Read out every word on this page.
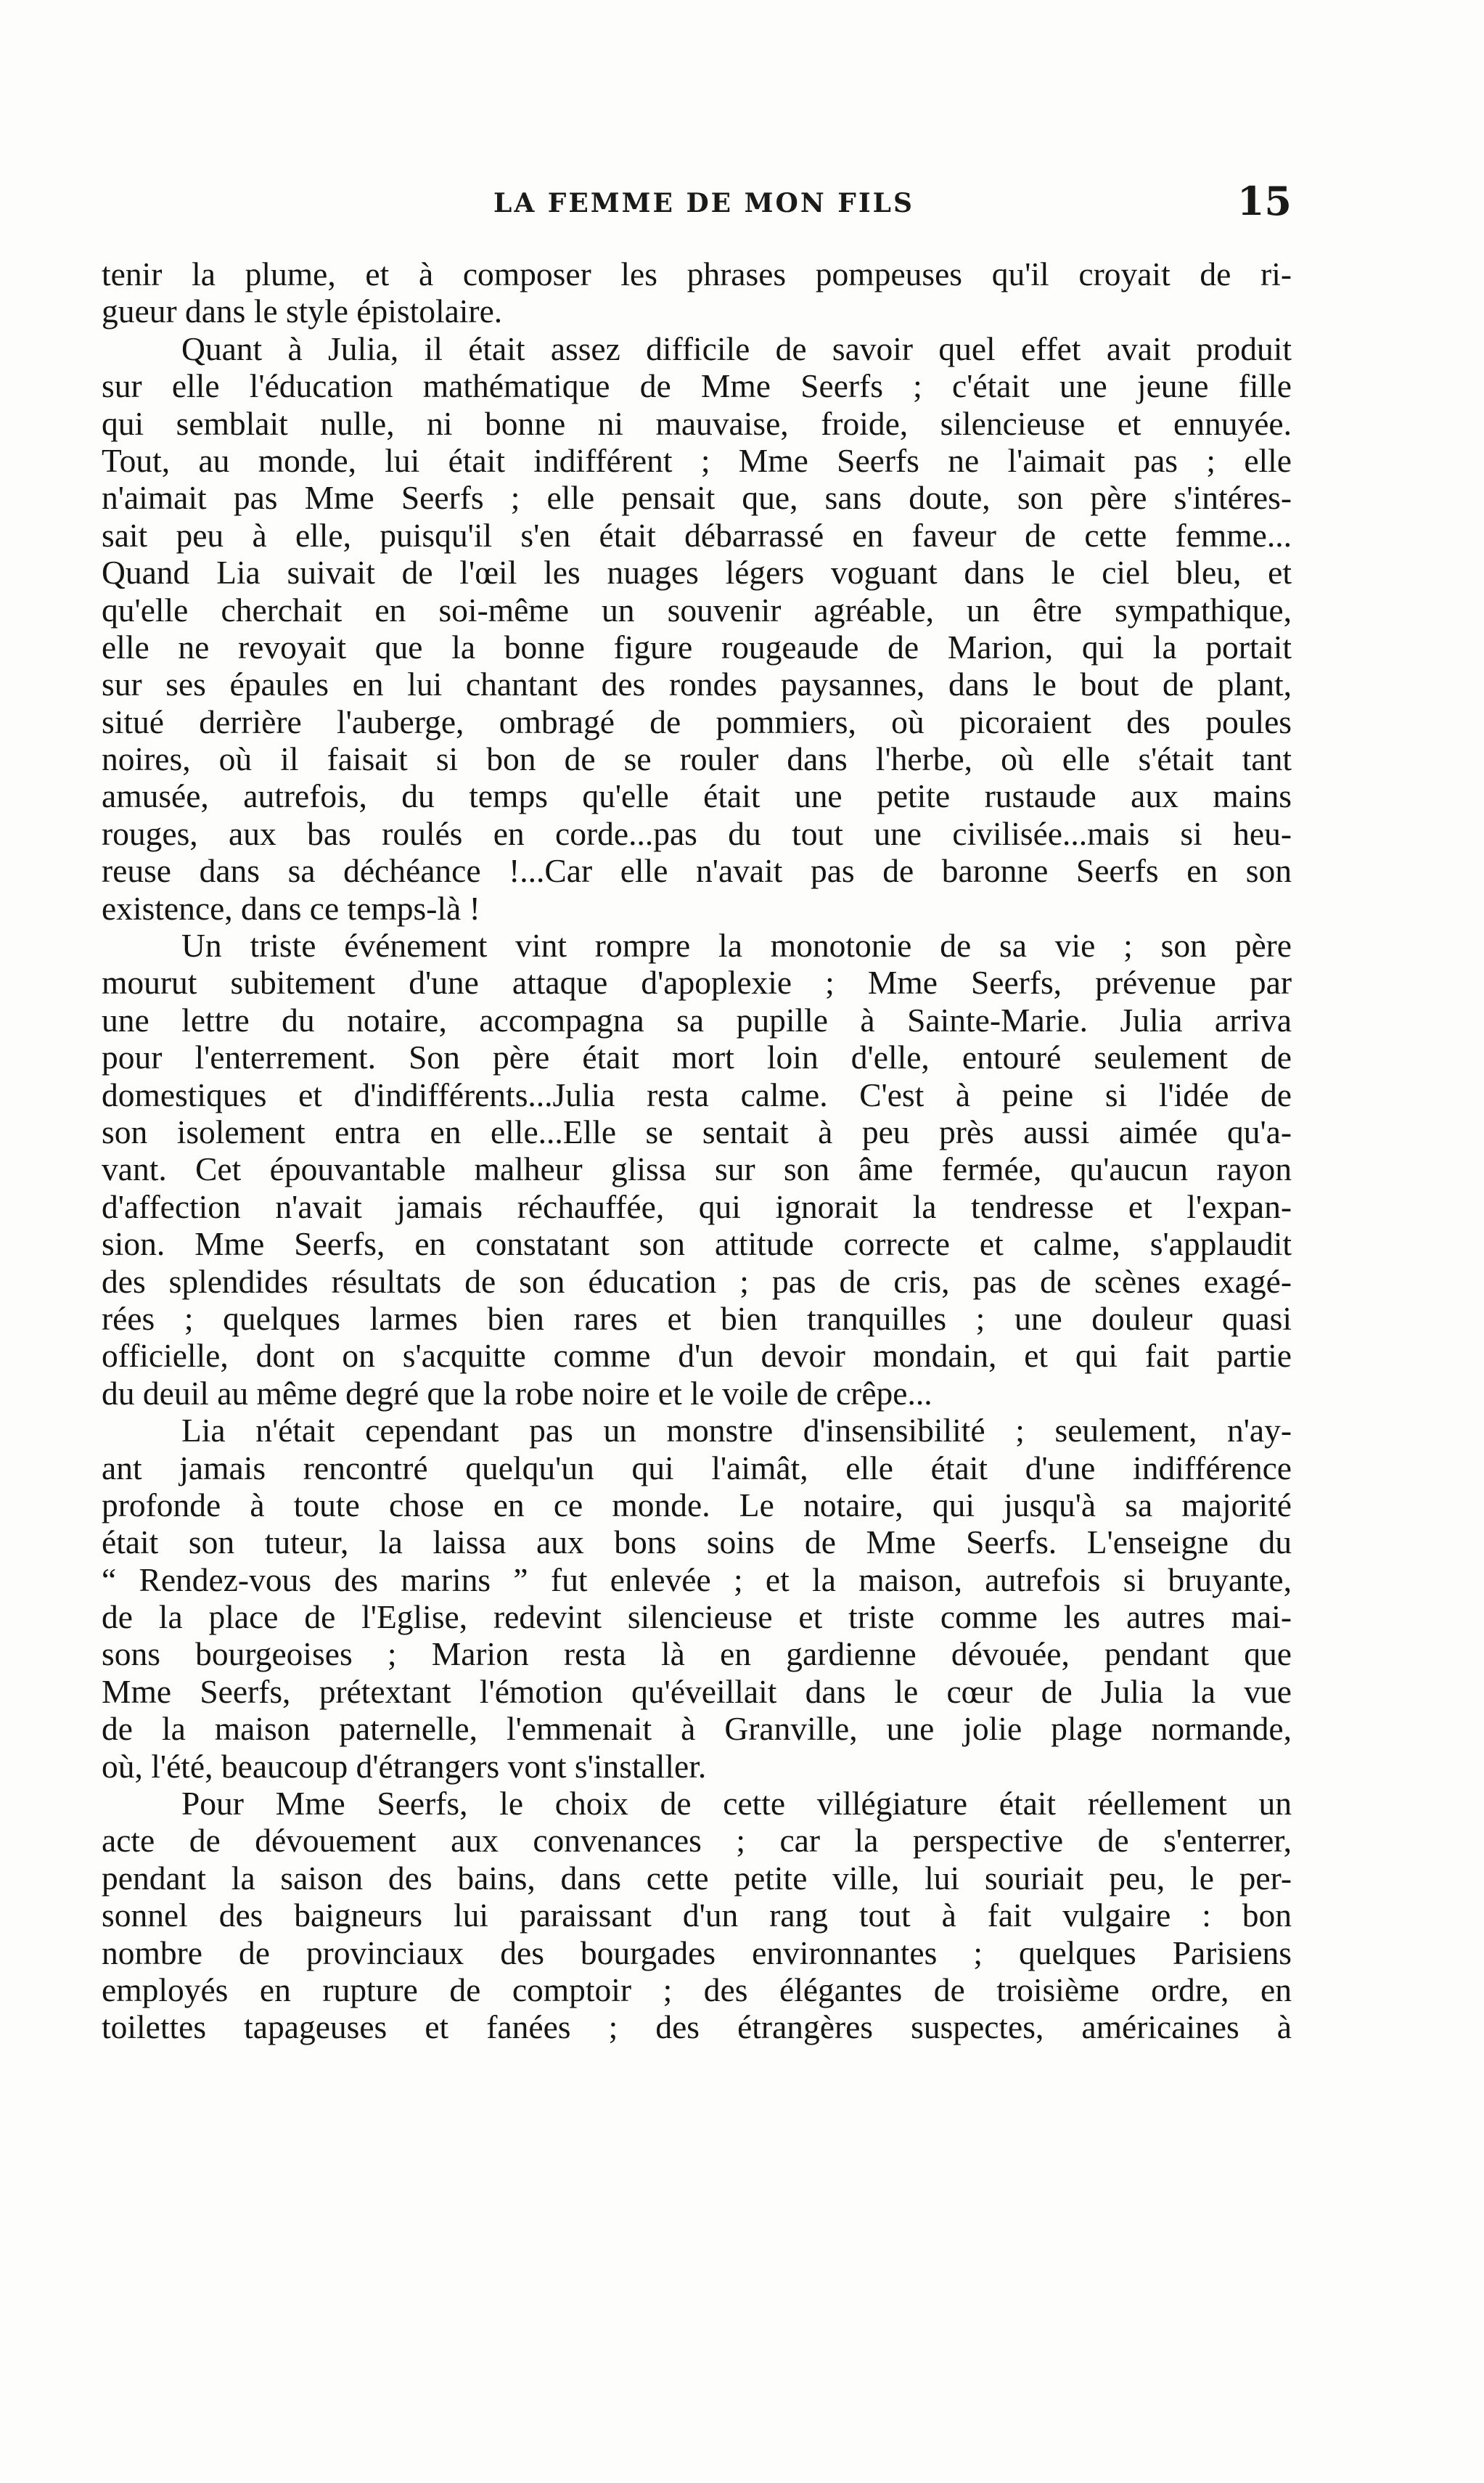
LA FEMME DE MON FILS	15
tenir la plume, et à composer les phrases pompeuses qu'il croyait de ri-
gueur dans le style épistolaire.
Quant à Julia, il était assez difficile de savoir quel effet avait produit
sur elle l'éducation mathématique de Mme Seerfs ; c'était une jeune fille
qui semblait nulle, ni bonne ni mauvaise, froide, silencieuse et ennuyée.
Tout, au monde, lui était indifférent ; Mme Seerfs ne l'aimait pas ; elle
n'aimait pas Mme Seerfs ; elle pensait que, sans doute, son père s'intéres-
sait peu à elle, puisqu'il s'en était débarrassé en faveur de cette femme...
Quand Lia suivait de l'œil les nuages légers voguant dans le ciel bleu, et
qu'elle cherchait en soi-même un souvenir agréable, un être sympathique,
elle ne revoyait que la bonne figure rougeaude de Marion, qui la portait
sur ses épaules en lui chantant des rondes paysannes, dans le bout de plant,
situé derrière l'auberge, ombragé de pommiers, où picoraient des poules
noires, où il faisait si bon de se rouler dans l'herbe, où elle s'était tant
amusée, autrefois, du temps qu'elle était une petite rustaude aux mains
rouges, aux bas roulés en corde...pas du tout une civilisée...mais si heu-
reuse dans sa déchéance !...Car elle n'avait pas de baronne Seerfs en son
existence, dans ce temps-là !
Un triste événement vint rompre la monotonie de sa vie ; son père
mourut subitement d'une attaque d'apoplexie ; Mme Seerfs, prévenue par
une lettre du notaire, accompagna sa pupille à Sainte-Marie. Julia arriva
pour l'enterrement. Son père était mort loin d'elle, entouré seulement de
domestiques et d'indifférents...Julia resta calme. C'est à peine si l'idée de
son isolement entra en elle...Elle se sentait à peu près aussi aimée qu'a-
vant. Cet épouvantable malheur glissa sur son âme fermée, qu'aucun rayon
d'affection n'avait jamais réchauffée, qui ignorait la tendresse et l'expan-
sion. Mme Seerfs, en constatant son attitude correcte et calme, s'applaudit
des splendides résultats de son éducation ; pas de cris, pas de scènes exagé-
rées ; quelques larmes bien rares et bien tranquilles ; une douleur quasi
officielle, dont on s'acquitte comme d'un devoir mondain, et qui fait partie
du deuil au même degré que la robe noire et le voile de crêpe...
Lia n'était cependant pas un monstre d'insensibilité ; seulement, n'ay-
ant jamais rencontré quelqu'un qui l'aimât, elle était d'une indifférence
profonde à toute chose en ce monde. Le notaire, qui jusqu'à sa majorité
était son tuteur, la laissa aux bons soins de Mme Seerfs. L'enseigne du
“ Rendez-vous des marins ” fut enlevée ; et la maison, autrefois si bruyante,
de la place de l'Eglise, redevint silencieuse et triste comme les autres mai-
sons bourgeoises ; Marion resta là en gardienne dévouée, pendant que
Mme Seerfs, prétextant l'émotion qu'éveillait dans le cœur de Julia la vue
de la maison paternelle, l'emmenait à Granville, une jolie plage normande,
où, l'été, beaucoup d'étrangers vont s'installer.
Pour Mme Seerfs, le choix de cette villégiature était réellement un
acte de dévouement aux convenances ; car la perspective de s'enterrer,
pendant la saison des bains, dans cette petite ville, lui souriait peu, le per-
sonnel des baigneurs lui paraissant d'un rang tout à fait vulgaire : bon
nombre de provinciaux des bourgades environnantes ; quelques Parisiens
employés en rupture de comptoir ; des élégantes de troisième ordre, en
toilettes tapageuses et fanées ; des étrangères suspectes, américaines à
